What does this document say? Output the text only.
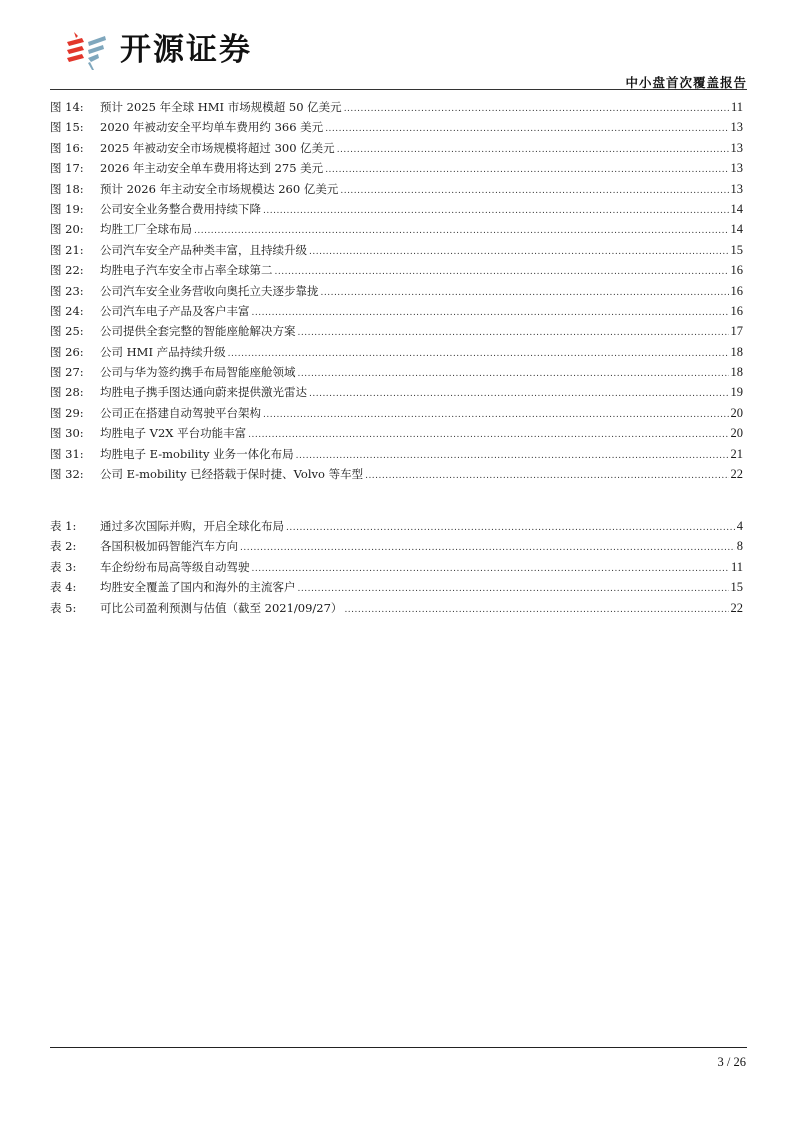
开源证券
中小盘首次覆盖报告
图 14:	预计 2025 年全球 HMI 市场规模超 50 亿美元 .....	11
图 15:	2020 年被动安全平均单车费用约 366 美元 .....	13
图 16:	2025 年被动安全市场规模将超过 300 亿美元 .....	13
图 17:	2026 年主动安全单车费用将达到 275 美元 .....	13
图 18:	预计 2026 年主动安全市场规模达 260 亿美元 .....	13
图 19:	公司安全业务整合费用持续下降 .....	14
图 20:	均胜工厂全球布局 .....	14
图 21:	公司汽车安全产品种类丰富，且持续升级 .....	15
图 22:	均胜电子汽车安全市占率全球第二 .....	16
图 23:	公司汽车安全业务营收向奥托立夫逐步靠拢 .....	16
图 24:	公司汽车电子产品及客户丰富 .....	16
图 25:	公司提供全套完整的智能座舱解决方案 .....	17
图 26:	公司 HMI 产品持续升级 .....	18
图 27:	公司与华为签约携手布局智能座舱领域 .....	18
图 28:	均胜电子携手图达通向蔚来提供激光雷达 .....	19
图 29:	公司正在搭建自动驾驶平台架构 .....	20
图 30:	均胜电子 V2X 平台功能丰富 .....	20
图 31:	均胜电子 E-mobility 业务一体化布局 .....	21
图 32:	公司 E-mobility 已经搭载于保时捷、Volvo 等车型 .....	22
表 1:	通过多次国际并购，开启全球化布局 .....	4
表 2:	各国积极加码智能汽车方向 .....	8
表 3:	车企纷纷布局高等级自动驾驶 .....	11
表 4:	均胜安全覆盖了国内和海外的主流客户 .....	15
表 5:	可比公司盈利预测与估值（截至 2021/09/27） .....	22
3 / 26
